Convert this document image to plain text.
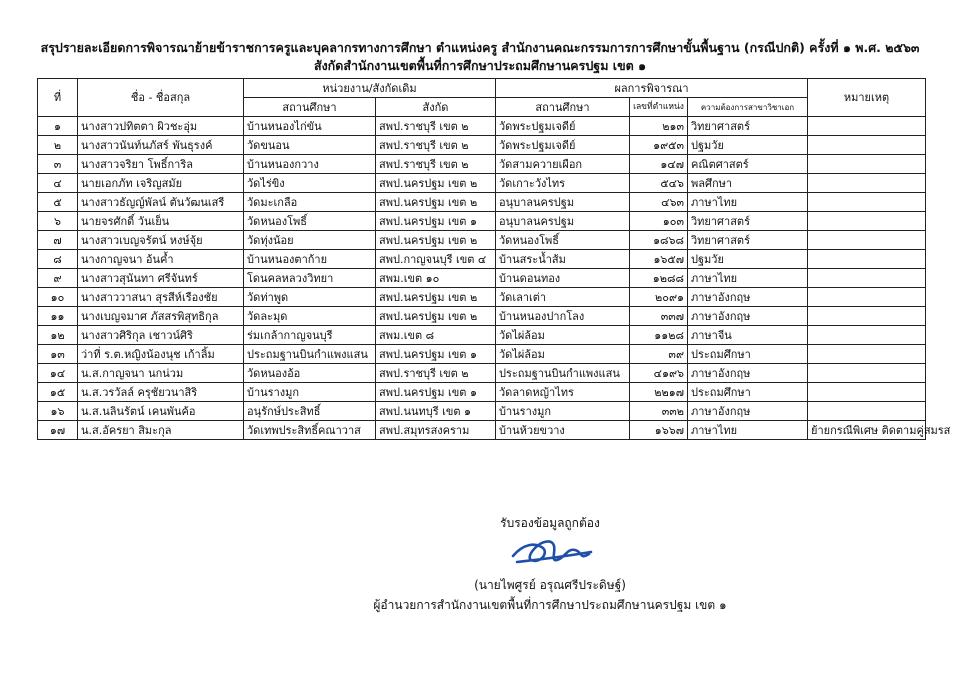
สรุปรายละเอียดการพิจารณาย้ายข้าราชการครูและบุคลากรทางการศึกษา ตำแหน่งครู สำนักงานคณะกรรมการการศึกษาขั้นพื้นฐาน (กรณีปกติ) ครั้งที่ ๑ พ.ศ. ๒๕๖๓
สังกัดสำนักงานเขตพื้นที่การศึกษาประถมศึกษานครปฐม เขต ๑
ที่	ชื่อ - ชื่อสกุล	หน่วยงาน/สังกัดเดิม		ผลการพิจารณา			หมายเหตุ
		สถานศึกษา	สังกัด	สถานศึกษา	เลขที่ตำแหน่ง	ความต้องการสาขาวิชาเอก	
๑	นางสาวปทิตตา ผิวชะอุ่ม	บ้านหนองไก่ขัน	สพป.ราชบุรี เขต ๒	วัดพระปฐมเจดีย์	๒๑๓	วิทยาศาสตร์	
๒	นางสาวนันท์นภัสร์ พันธุรงค์	วัดขนอน	สพป.ราชบุรี เขต ๒	วัดพระปฐมเจดีย์	๑๙๕๓	ปฐมวัย	
๓	นางสาวจริยา โพธิ์การิล	บ้านหนองกวาง	สพป.ราชบุรี เขต ๒	วัดสามควายเผือก	๑๔๗	คณิตศาสตร์	
๔	นายเอกภัท เจริญสมัย	วัดไร่ขิง	สพป.นครปฐม เขต ๒	วัดเกาะวังไทร	๕๔๖	พลศึกษา	
๕	นางสาวธัญญ์พัลน์ ตันวัฒนเสรี	วัดมะเกลือ	สพป.นครปฐม เขต ๒	อนุบาลนครปฐม	๔๖๓	ภาษาไทย	
๖	นายจรศักดิ์ วันเย็น	วัดหนองโพธิ์	สพป.นครปฐม เขต ๑	อนุบาลนครปฐม	๑๐๓	วิทยาศาสตร์	
๗	นางสาวเบญจรัตน์ หงษ์จุ้ย	วัดทุ่งน้อย	สพป.นครปฐม เขต ๒	วัดหนองโพธิ์	๑๘๖๘	วิทยาศาสตร์	
๘	นางกาญจนา อ้นค้ำ	บ้านหนองตาก้าย	สพป.กาญจนบุรี เขต ๔	บ้านสระน้ำส้ม	๑๖๕๗	ปฐมวัย	
๙	นางสาวสุนันทา ศรีจันทร์	โดนคลหลวงวิทยา	สพม.เขต ๑๐	บ้านดอนทอง	๑๒๘๘	ภาษาไทย	
๑๐	นางสาววาสนา สุรสีห์เรืองชัย	วัดท่าพูด	สพป.นครปฐม เขต ๒	วัดเลาเต่า	๒๐๙๑	ภาษาอังกฤษ	
๑๑	นางเบญจมาศ ภัสสรพิสุทธิกุล	วัดละมุด	สพป.นครปฐม เขต ๒	บ้านหนองปากโลง	๓๓๗	ภาษาอังกฤษ	
๑๒	นางสาวศิริกุล เชาวน์ศิริ	ร่มเกล้ากาญจนบุรี	สพม.เขต ๘	วัดไผ่ล้อม	๑๑๒๘	ภาษาจีน	
๑๓	ว่าที่ ร.ต.หญิงน้องนุช เก้าลิ้ม	ประถมฐานบินกำแพงแสน	สพป.นครปฐม เขต ๑	วัดไผ่ล้อม	๓๙	ประถมศึกษา	
๑๔	น.ส.กาญจนา นกน่วม	วัดหนองอ้อ	สพป.ราชบุรี เขต ๒	ประถมฐานบินกำแพงแสน	๔๑๙๖	ภาษาอังกฤษ	
๑๕	น.ส.วรวัลล์ ครุชัยวนาสิริ	บ้านรางมูก	สพป.นครปฐม เขต ๑	วัดลาดหญ้าไทร	๒๒๑๗	ประถมศึกษา	
๑๖	น.ส.นลินรัตน์ เคนพันค้อ	อนุรักษ์ประสิทธิ์	สพป.นนทบุรี เขต ๑	บ้านรางมูก	๓๓๒	ภาษาอังกฤษ	
๑๗	น.ส.อัครยา สิมะกุล	วัดเทพประสิทธิ์คณาวาส	สพป.สมุทรสงคราม	บ้านห้วยขวาง	๑๖๖๗	ภาษาไทย	ย้ายกรณีพิเศษ ติดตามคู่สมรส
รับรองข้อมูลถูกต้อง
(นายไพศูรย์ อรุณศรีประดิษฐ์)
ผู้อำนวยการสำนักงานเขตพื้นที่การศึกษาประถมศึกษานครปฐม เขต ๑
